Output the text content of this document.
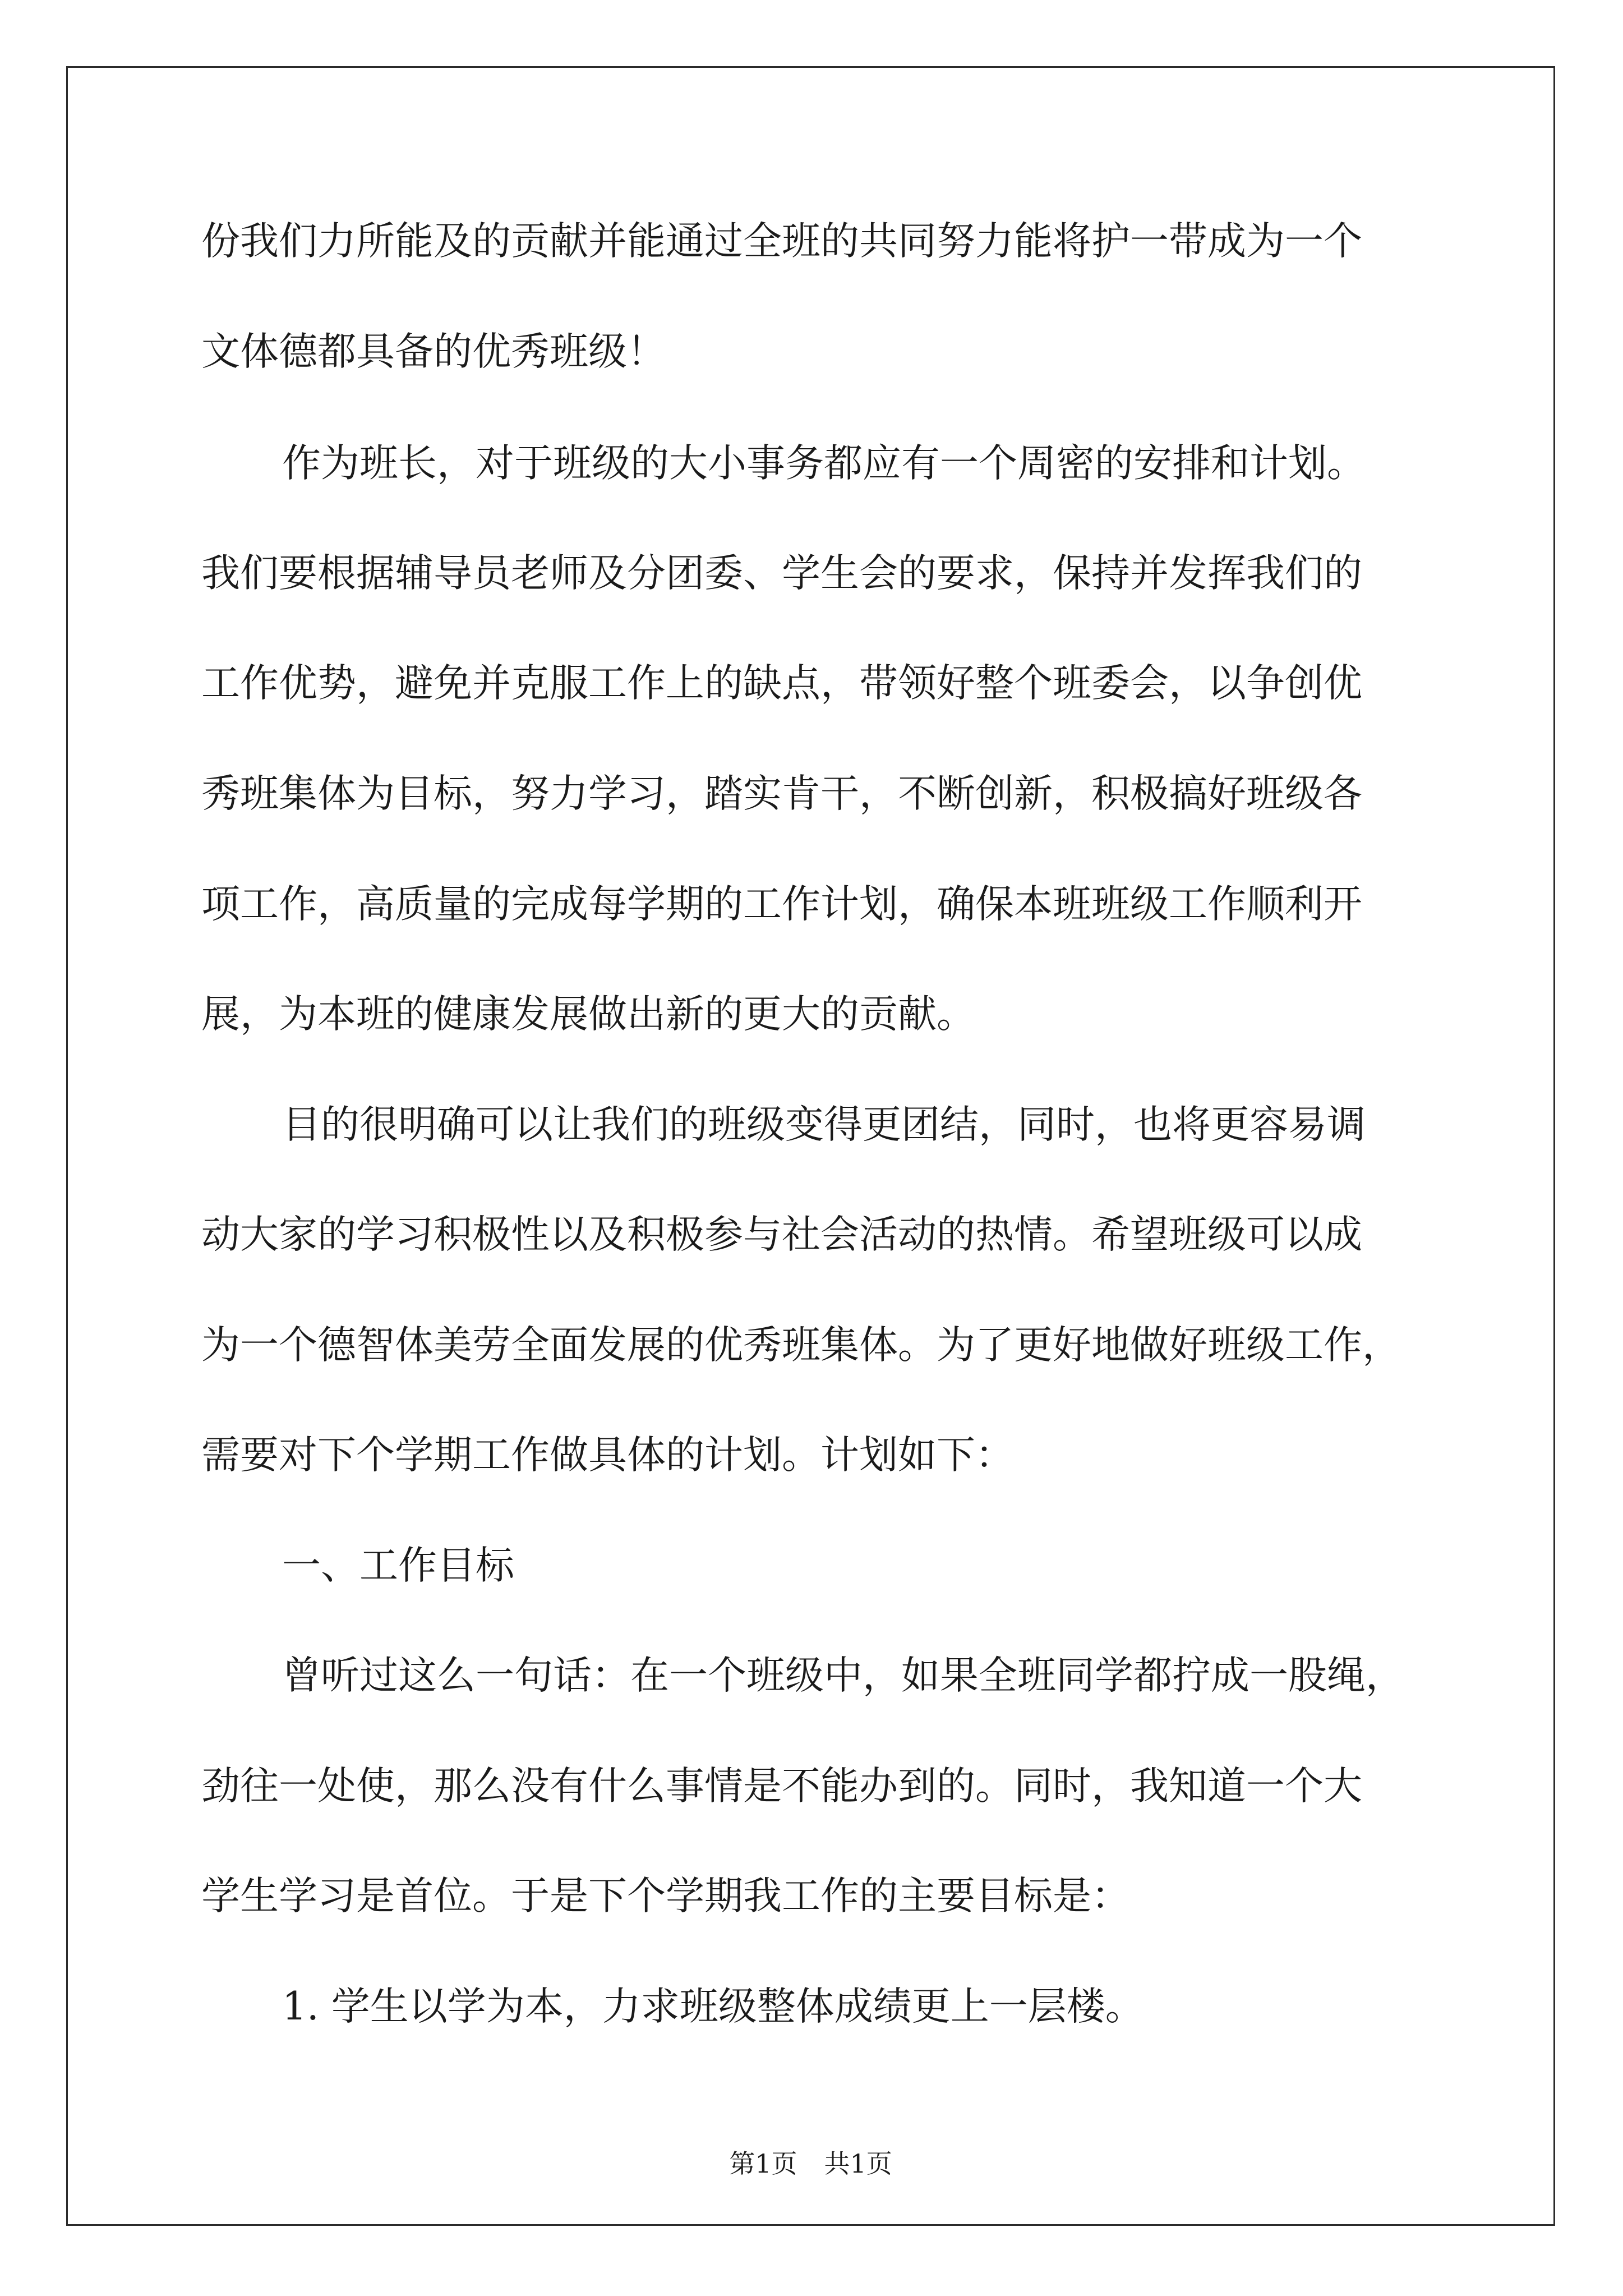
份我们力所能及的贡献并能通过全班的共同努力能将护一带成为一个
文体德都具备的优秀班级！
作为班长，对于班级的大小事务都应有一个周密的安排和计划。
我们要根据辅导员老师及分团委、学生会的要求，保持并发挥我们的
工作优势，避免并克服工作上的缺点，带领好整个班委会，以争创优
秀班集体为目标，努力学习，踏实肯干，不断创新，积极搞好班级各
项工作，高质量的完成每学期的工作计划，确保本班班级工作顺利开
展，为本班的健康发展做出新的更大的贡献。
目的很明确可以让我们的班级变得更团结，同时，也将更容易调
动大家的学习积极性以及积极参与社会活动的热情。希望班级可以成
为一个德智体美劳全面发展的优秀班集体。为了更好地做好班级工作，
需要对下个学期工作做具体的计划。计划如下：
一、工作目标
曾听过这么一句话：在一个班级中，如果全班同学都拧成一股绳，
劲往一处使，那么没有什么事情是不能办到的。同时，我知道一个大
学生学习是首位。于是下个学期我工作的主要目标是：
1. 学生以学为本，力求班级整体成绩更上一层楼。
第1页 共1页
